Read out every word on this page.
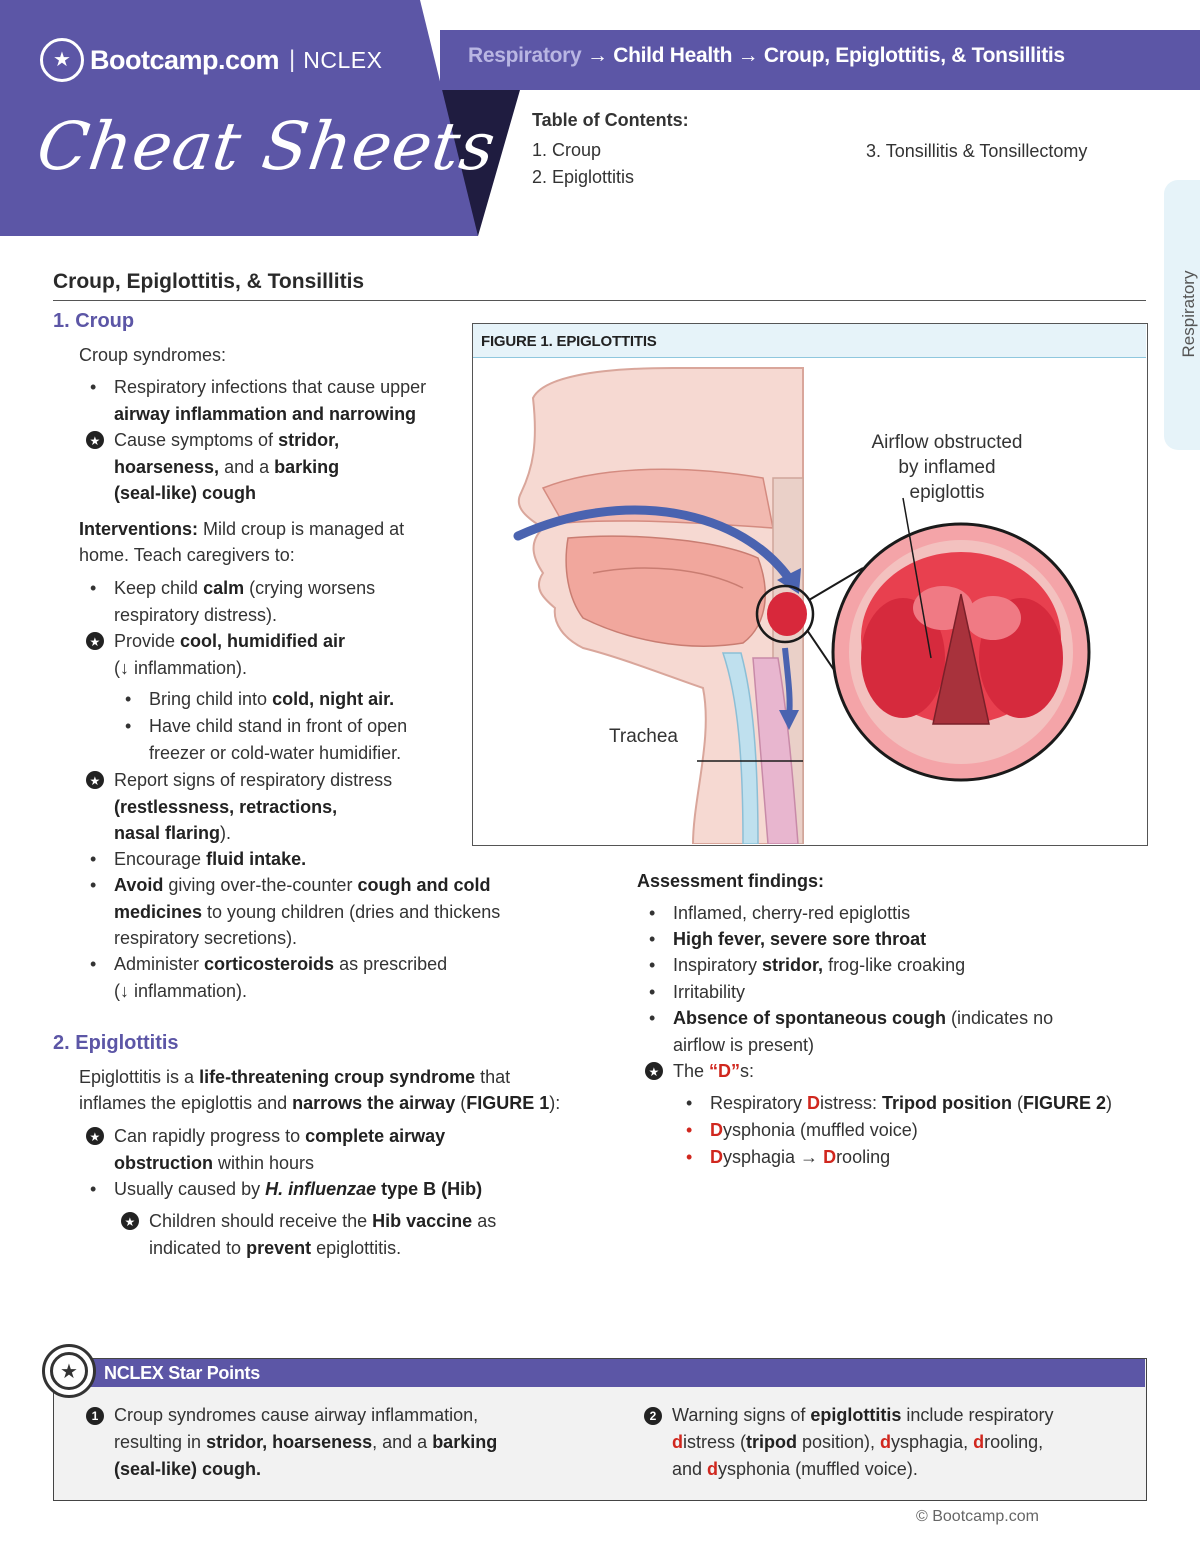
★ Bootcamp.com | NCLEX
Cheat Sheets
Respiratory → Child Health → Croup, Epiglottitis, & Tonsillitis
Table of Contents:
1. Croup
2. Epiglottitis
3. Tonsillitis & Tonsillectomy
Respiratory
Croup, Epiglottitis, & Tonsillitis
1. Croup
Croup syndromes:
• Respiratory infections that cause upper
airway inflammation and narrowing
Cause symptoms of stridor,
hoarseness, and a barking
(seal-like) cough ★
Interventions: Mild croup is managed at
home. Teach caregivers to:
• Keep child calm (crying worsens
respiratory distress).
Provide cool, humidified air
(↓ inflammation). ★
• Bring child into cold, night air.
• Have child stand in front of open
freezer or cold-water humidifier.
Report signs of respiratory distress
(restlessness, retractions,
nasal flaring). ★
• Encourage fluid intake.
• Avoid giving over-the-counter cough and cold
medicines to young children (dries and thickens
respiratory secretions).
• Administer corticosteroids as prescribed
(↓ inflammation).
2. Epiglottitis
Epiglottitis is a life-threatening croup syndrome that
inflames the epiglottis and narrows the airway (FIGURE 1):
Can rapidly progress to complete airway
obstruction within hours ★
• Usually caused by H. influenzae type B (Hib)
Children should receive the Hib vaccine as
indicated to prevent epiglottitis. ★
FIGURE 1. EPIGLOTTITIS
Airflow obstructed
by inflamed
epiglottis
Trachea
Assessment findings:
• Inflamed, cherry-red epiglottis
• High fever, severe sore throat
• Inspiratory stridor, frog-like croaking
• Irritability
• Absence of spontaneous cough (indicates no
airflow is present)
The “D”s: ★
• Respiratory Distress: Tripod position (FIGURE 2)
• Dysphonia (muffled voice)
• Dysphagia → Drooling
NCLEX Star Points
★
1 Croup syndromes cause airway inflammation,
resulting in stridor, hoarseness, and a barking
(seal-like) cough.
2 Warning signs of epiglottitis include respiratory
distress (tripod position), dysphagia, drooling,
and dysphonia (muffled voice).
© Bootcamp.com
